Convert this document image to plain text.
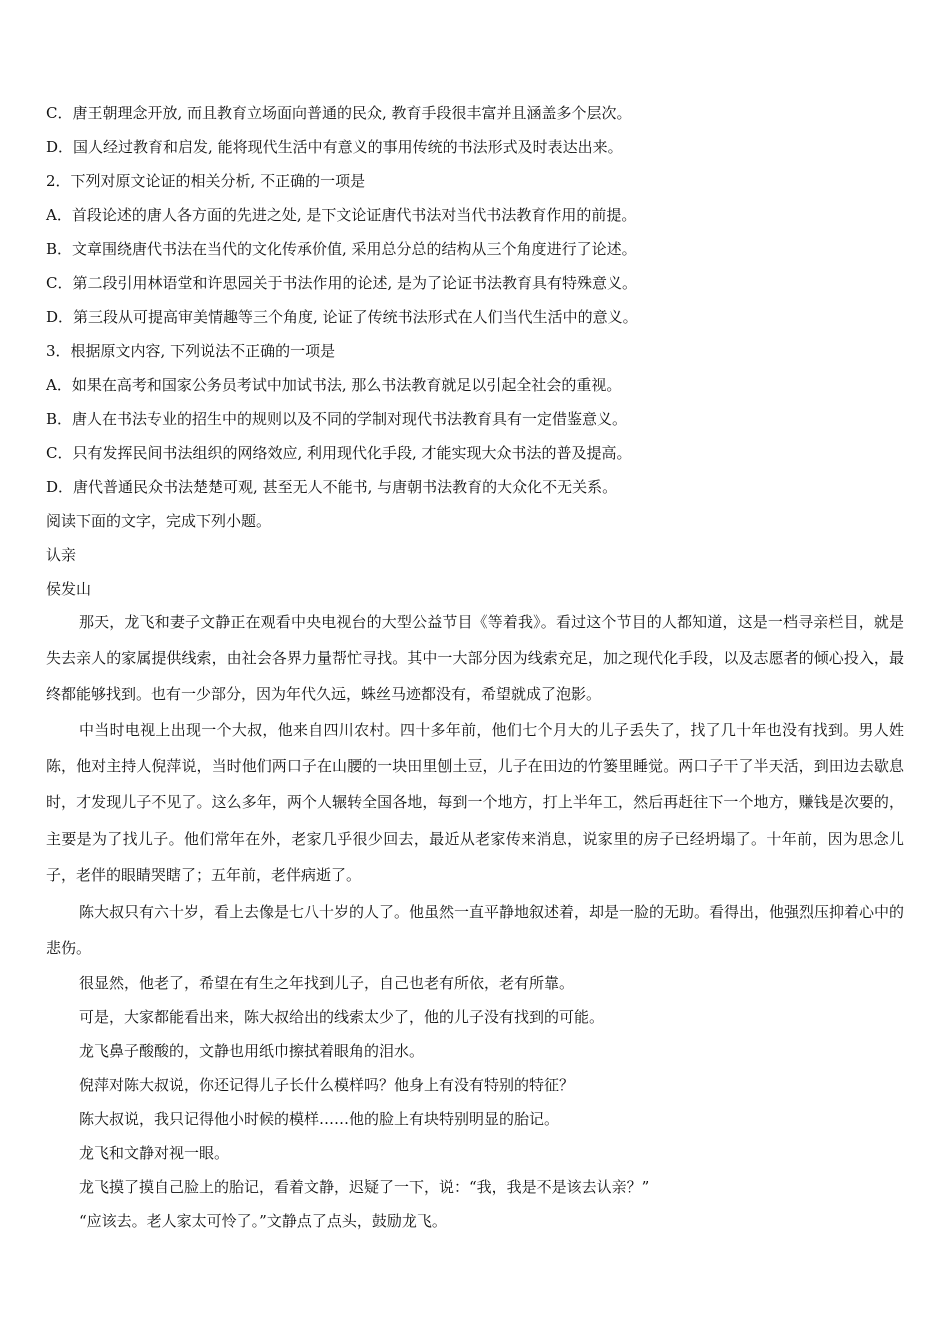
C．唐王朝理念开放, 而且教育立场面向普通的民众, 教育手段很丰富并且涵盖多个层次。
D．国人经过教育和启发, 能将现代生活中有意义的事用传统的书法形式及时表达出来。
2．下列对原文论证的相关分析, 不正确的一项是
A．首段论述的唐人各方面的先进之处, 是下文论证唐代书法对当代书法教育作用的前提。
B．文章围绕唐代书法在当代的文化传承价值, 采用总分总的结构从三个角度进行了论述。
C．第二段引用林语堂和许思园关于书法作用的论述, 是为了论证书法教育具有特殊意义。
D．第三段从可提高审美情趣等三个角度, 论证了传统书法形式在人们当代生活中的意义。
3．根据原文内容, 下列说法不正确的一项是
A．如果在高考和国家公务员考试中加试书法, 那么书法教育就足以引起全社会的重视。
B．唐人在书法专业的招生中的规则以及不同的学制对现代书法教育具有一定借鉴意义。
C．只有发挥民间书法组织的网络效应, 利用现代化手段, 才能实现大众书法的普及提高。
D．唐代普通民众书法楚楚可观, 甚至无人不能书, 与唐朝书法教育的大众化不无关系。
阅读下面的文字，完成下列小题。
认亲
侯发山
那天，龙飞和妻子文静正在观看中央电视台的大型公益节目《等着我》。看过这个节目的人都知道，这是一档寻亲栏目，就是失去亲人的家属提供线索，由社会各界力量帮忙寻找。其中一大部分因为线索充足，加之现代化手段，以及志愿者的倾心投入，最终都能够找到。也有一少部分，因为年代久远，蛛丝马迹都没有，希望就成了泡影。
中当时电视上出现一个大叔，他来自四川农村。四十多年前，他们七个月大的儿子丢失了，找了几十年也没有找到。男人姓陈，他对主持人倪萍说，当时他们两口子在山腰的一块田里刨土豆，儿子在田边的竹篓里睡觉。两口子干了半天活，到田边去歇息时，才发现儿子不见了。这么多年，两个人辗转全国各地，每到一个地方，打上半年工，然后再赶往下一个地方，赚钱是次要的，主要是为了找儿子。他们常年在外，老家几乎很少回去，最近从老家传来消息，说家里的房子已经坍塌了。十年前，因为思念儿子，老伴的眼睛哭瞎了；五年前，老伴病逝了。
陈大叔只有六十岁，看上去像是七八十岁的人了。他虽然一直平静地叙述着，却是一脸的无助。看得出，他强烈压抑着心中的悲伤。
很显然，他老了，希望在有生之年找到儿子，自己也老有所依，老有所靠。
可是，大家都能看出来，陈大叔给出的线索太少了，他的儿子没有找到的可能。
龙飞鼻子酸酸的，文静也用纸巾擦拭着眼角的泪水。
倪萍对陈大叔说，你还记得儿子长什么模样吗？他身上有没有特别的特征？
陈大叔说，我只记得他小时候的模样……他的脸上有块特别明显的胎记。
龙飞和文静对视一眼。
龙飞摸了摸自己脸上的胎记，看着文静，迟疑了一下，说：“我，我是不是该去认亲？”
“应该去。老人家太可怜了。”文静点了点头，鼓励龙飞。
